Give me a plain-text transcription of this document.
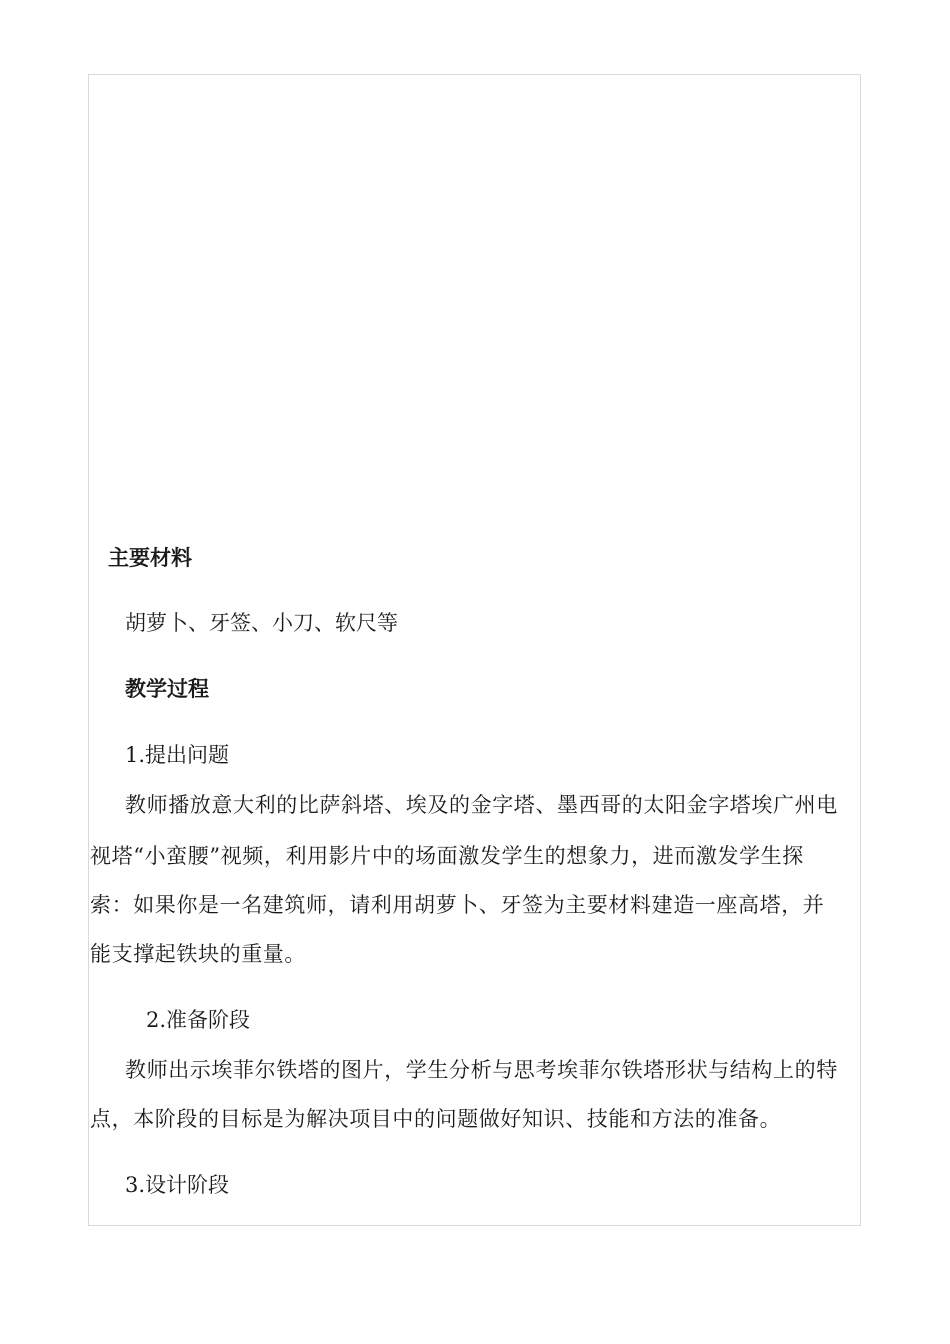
主要材料

胡萝卜、牙签、小刀、软尺等

教学过程

1.提出问题

教师播放意大利的比萨斜塔、埃及的金字塔、墨西哥的太阳金字塔埃广州电

视塔“小蛮腰”视频，利用影片中的场面激发学生的想象力，进而激发学生探

索：如果你是一名建筑师，请利用胡萝卜、牙签为主要材料建造一座高塔，并

能支撑起铁块的重量。

2.准备阶段

教师出示埃菲尔铁塔的图片，学生分析与思考埃菲尔铁塔形状与结构上的特

点，本阶段的目标是为解决项目中的问题做好知识、技能和方法的准备。

3.设计阶段
